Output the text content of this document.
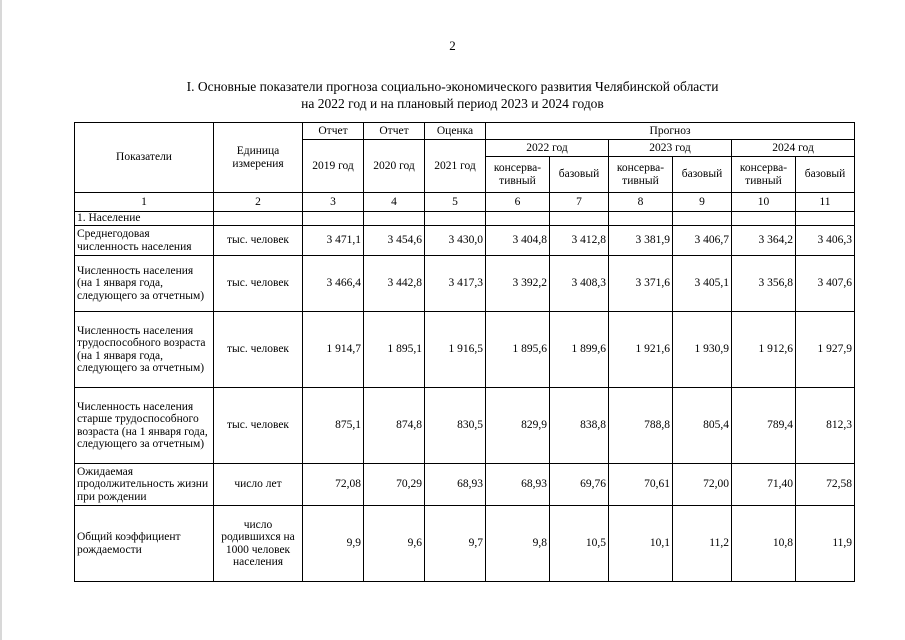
2
I. Основные показатели прогноза социально-экономического развития Челябинской области
на 2022 год и на плановый период 2023 и 2024 годов
Показатели	Единица измерения	Отчет	Отчет	Оценка	Прогноз					
		2019 год	2020 год	2021 год	2022 год		2023 год		2024 год	
					консерва-тивный	базовый	консерва-тивный	базовый	консерва-тивный	базовый
1	2	3	4	5	6	7	8	9	10	11
1. Население										
Среднегодовая численность населения	тыс. человек	3 471,1	3 454,6	3 430,0	3 404,8	3 412,8	3 381,9	3 406,7	3 364,2	3 406,3
Численность населения (на 1 января года, следующего за отчетным)	тыс. человек	3 466,4	3 442,8	3 417,3	3 392,2	3 408,3	3 371,6	3 405,1	3 356,8	3 407,6
Численность населения трудоспособного возраста (на 1 января года, следующего за отчетным)	тыс. человек	1 914,7	1 895,1	1 916,5	1 895,6	1 899,6	1 921,6	1 930,9	1 912,6	1 927,9
Численность населения старше трудоспособного возраста (на 1 января года, следующего за отчетным)	тыс. человек	875,1	874,8	830,5	829,9	838,8	788,8	805,4	789,4	812,3
Ожидаемая продолжительность жизни при рождении	число лет	72,08	70,29	68,93	68,93	69,76	70,61	72,00	71,40	72,58
Общий коэффициент рождаемости	число родившихся на 1000 человек населения	9,9	9,6	9,7	9,8	10,5	10,1	11,2	10,8	11,9
